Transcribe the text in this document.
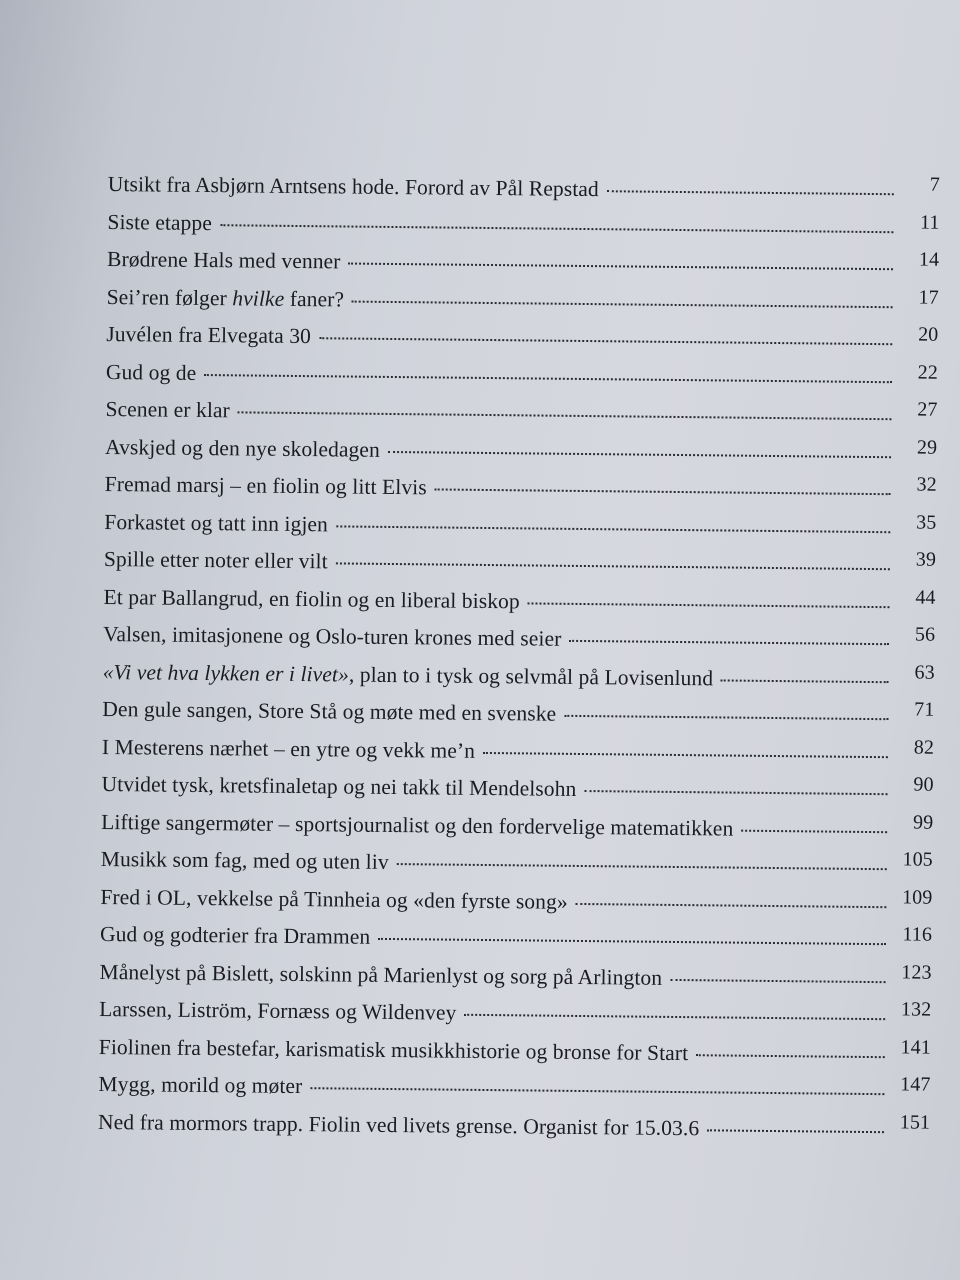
Utsikt fra Asbjørn Arntsens hode. Forord av Pål Repstad	7
Siste etappe	11
Brødrene Hals med venner	14
Sei’ren følger hvilke faner?	17
Juvélen fra Elvegata 30	20
Gud og de	22
Scenen er klar	27
Avskjed og den nye skoledagen	29
Fremad marsj – en fiolin og litt Elvis	32
Forkastet og tatt inn igjen	35
Spille etter noter eller vilt	39
Et par Ballangrud, en fiolin og en liberal biskop	44
Valsen, imitasjonene og Oslo-turen krones med seier	56
«Vi vet hva lykken er i livet», plan to i tysk og selvmål på Lovisenlund	63
Den gule sangen, Store Stå og møte med en svenske	71
I Mesterens nærhet – en ytre og vekk me’n	82
Utvidet tysk, kretsfinaletap og nei takk til Mendelsohn	90
Liftige sangermøter – sportsjournalist og den fordervelige matematikken	99
Musikk som fag, med og uten liv	105
Fred i OL, vekkelse på Tinnheia og «den fyrste song»	109
Gud og godterier fra Drammen	116
Månelyst på Bislett, solskinn på Marienlyst og sorg på Arlington	123
Larssen, Liström, Fornæss og Wildenvey	132
Fiolinen fra bestefar, karismatisk musikkhistorie og bronse for Start	141
Mygg, morild og møter	147
Ned fra mormors trapp. Fiolin ved livets grense. Organist for 15.03.6	151
